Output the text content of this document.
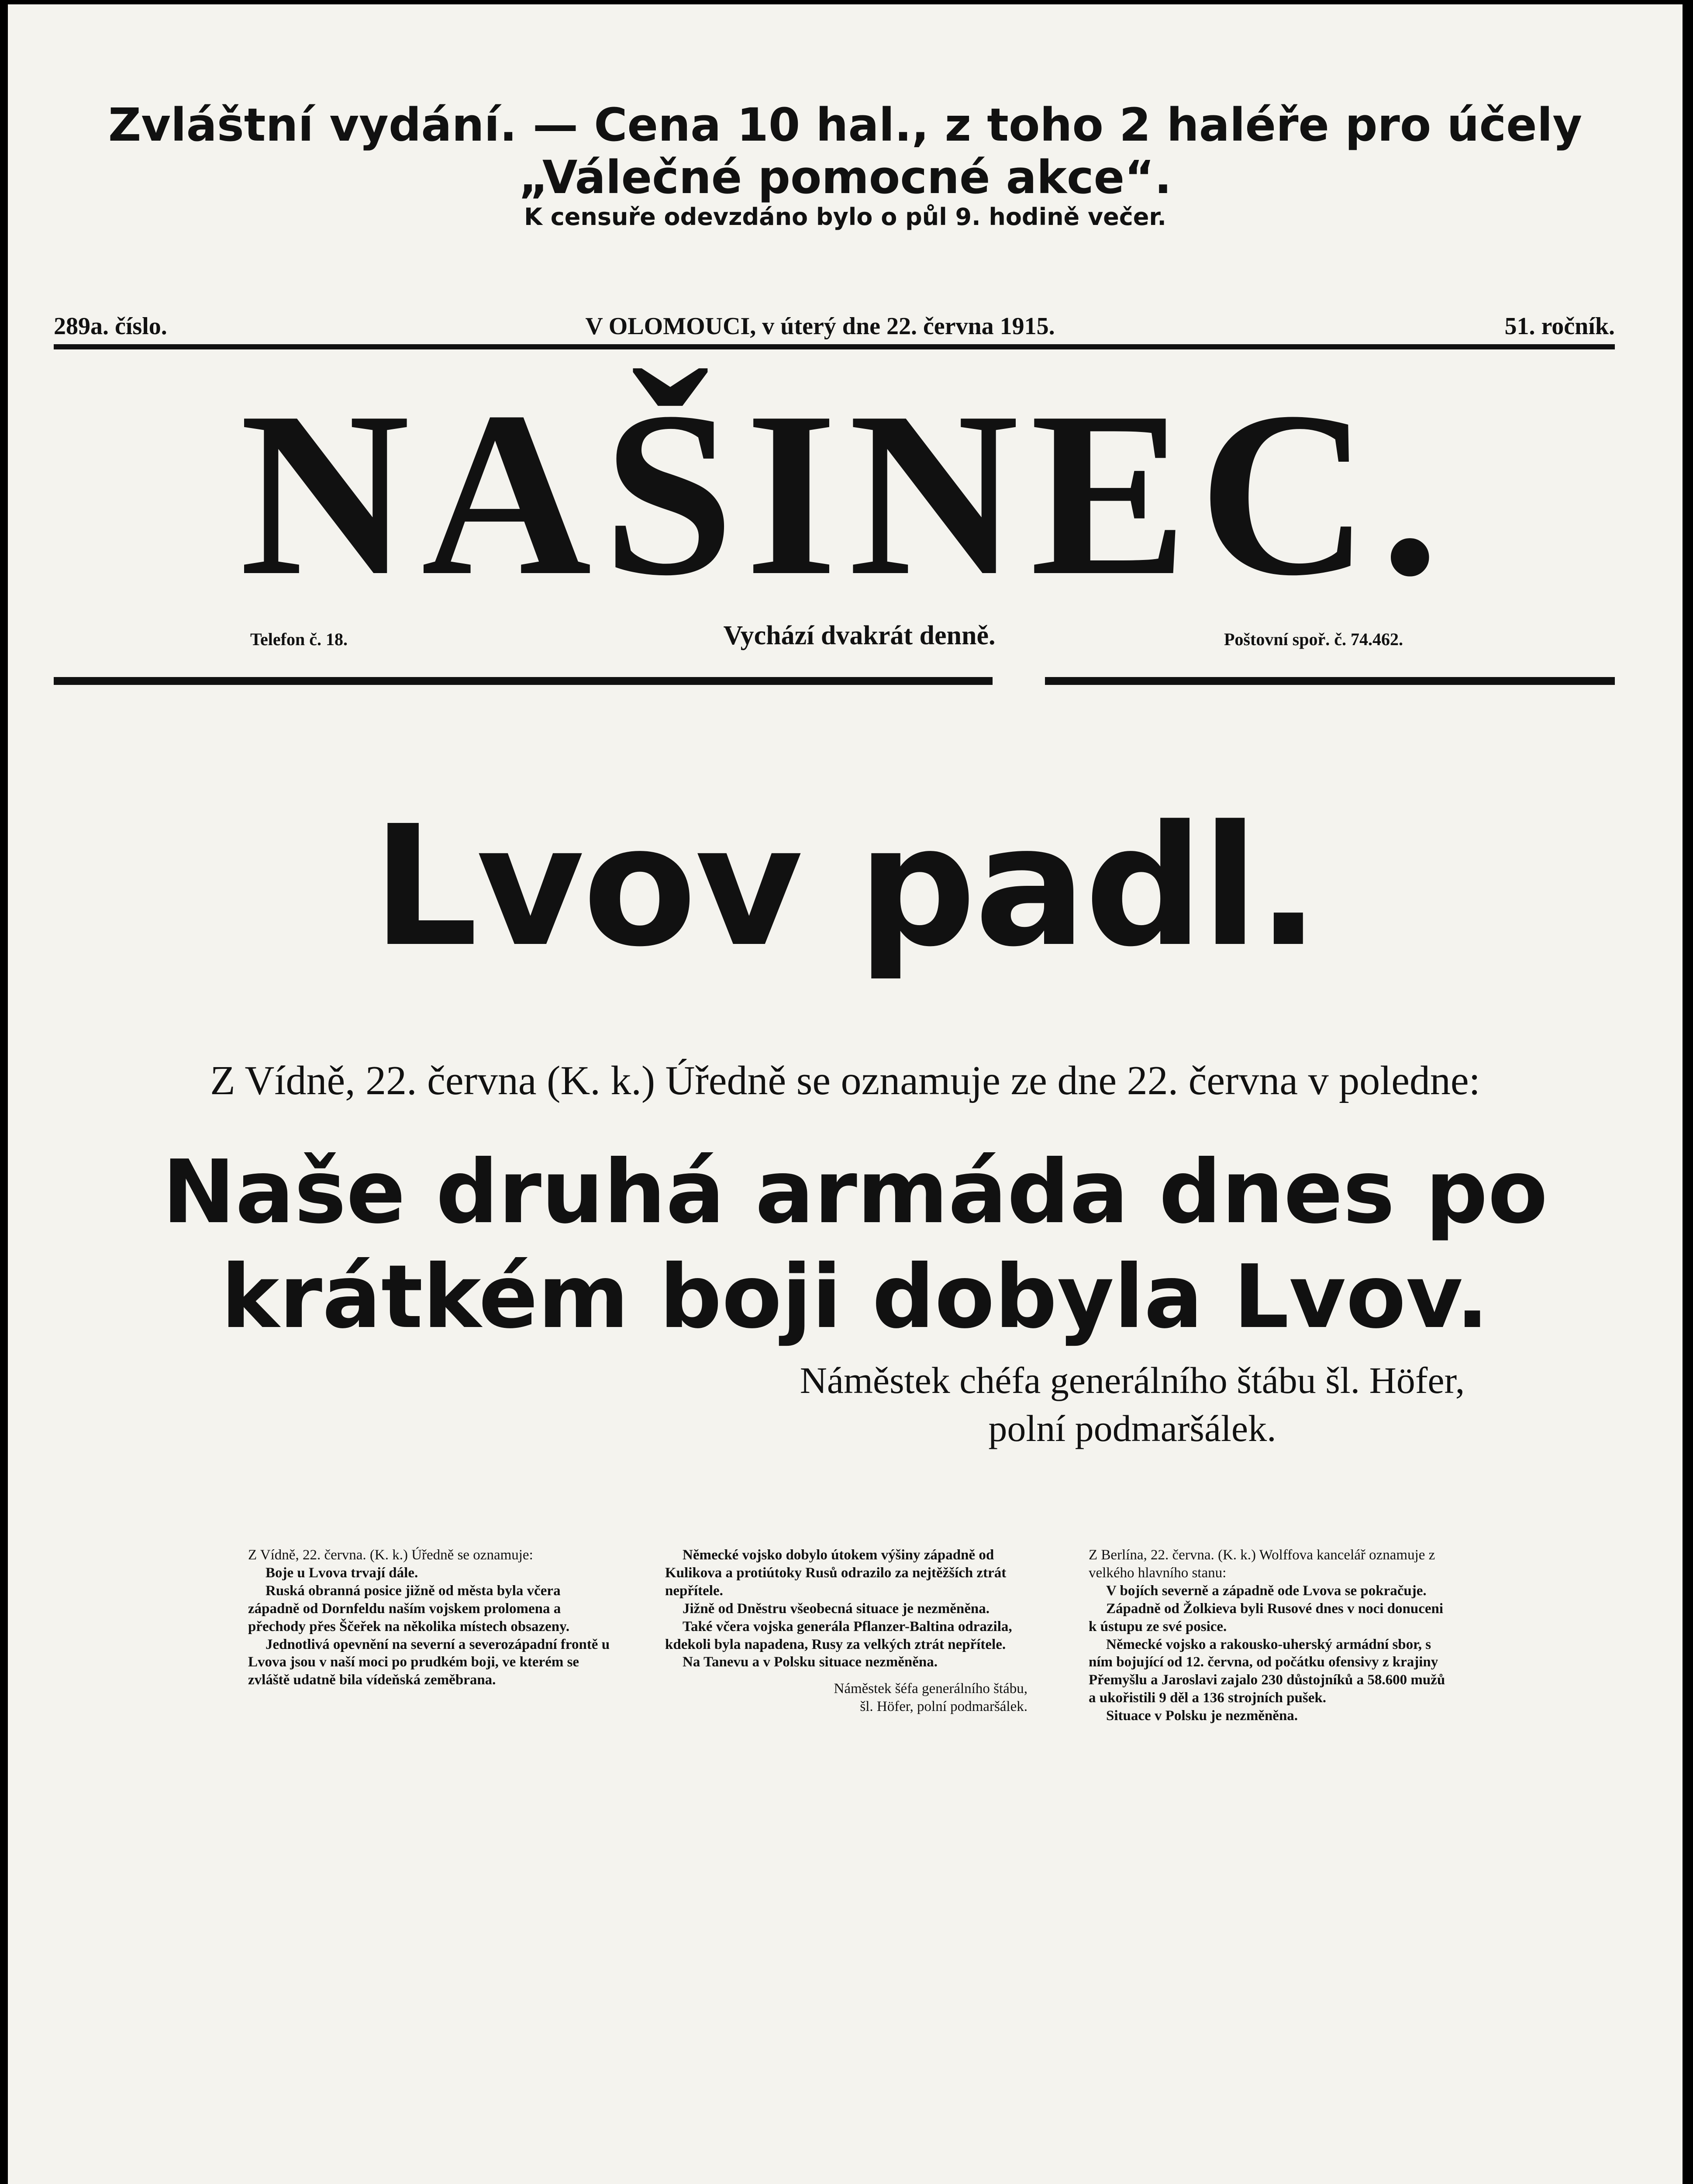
Zvláštní vydání. — Cena 10 hal., z toho 2 haléře pro účely
„Válečné pomocné akce“.
K censuře odevzdáno bylo o půl 9. hodině večer.
289a. číslo.	V OLOMOUCI, v úterý dne 22. června 1915.	51. ročník.
NAŠINEC.
Telefon č. 18.	Vychází dvakrát denně.	Poštovní spoř. č. 74.462.
Lvov padl.
Z Vídně, 22. června (K. k.) Úředně se oznamuje ze dne 22. června v poledne:
Naše druhá armáda dnes po krátkém boji dobyla Lvov.
Náměstek chéfa generálního štábu šl. Höfer,
polní podmaršálek.

Z Vídně, 22. června. (K. k.) Úředně se oznamuje:

Boje u Lvova trvají dále.

Ruská obranná posice jižně od města byla včera západně od Dornfeldu naším vojskem prolomena a přechody přes Ščeřek na několika místech obsazeny.

Jednotlivá opevnění na severní a severozápadní frontě u Lvova jsou v naší moci po prudkém boji, ve kterém se zvláště udatně bila vídeňská zeměbrana.

Německé vojsko dobylo útokem výšiny západně od Kulikova a protiútoky Rusů odrazilo za nejtěžších ztrát nepřítele.

Jižně od Dněstru všeobecná situace je nezměněna.

Také včera vojska generála Pflanzer-Baltina odrazila, kdekoli byla napadena, Rusy za velkých ztrát nepřítele.

Na Tanevu a v Polsku situace nezměněna.

Náměstek šéfa generálního štábu,

šl. Höfer, polní podmaršálek.

Z Berlína, 22. června. (K. k.) Wolffova kancelář oznamuje z velkého hlavního stanu:

V bojích severně a západně ode Lvova se pokračuje.

Západně od Žolkieva byli Rusové dnes v noci donuceni k ústupu ze své posice.

Německé vojsko a rakousko-uherský armádní sbor, s ním bojující od 12. června, od počátku ofensivy z krajiny Přemyšlu a Jaroslavi zajalo 230 důstojníků a 58.600 mužů a ukořistili 9 děl a 136 strojních pušek.

Situace v Polsku je nezměněna.
